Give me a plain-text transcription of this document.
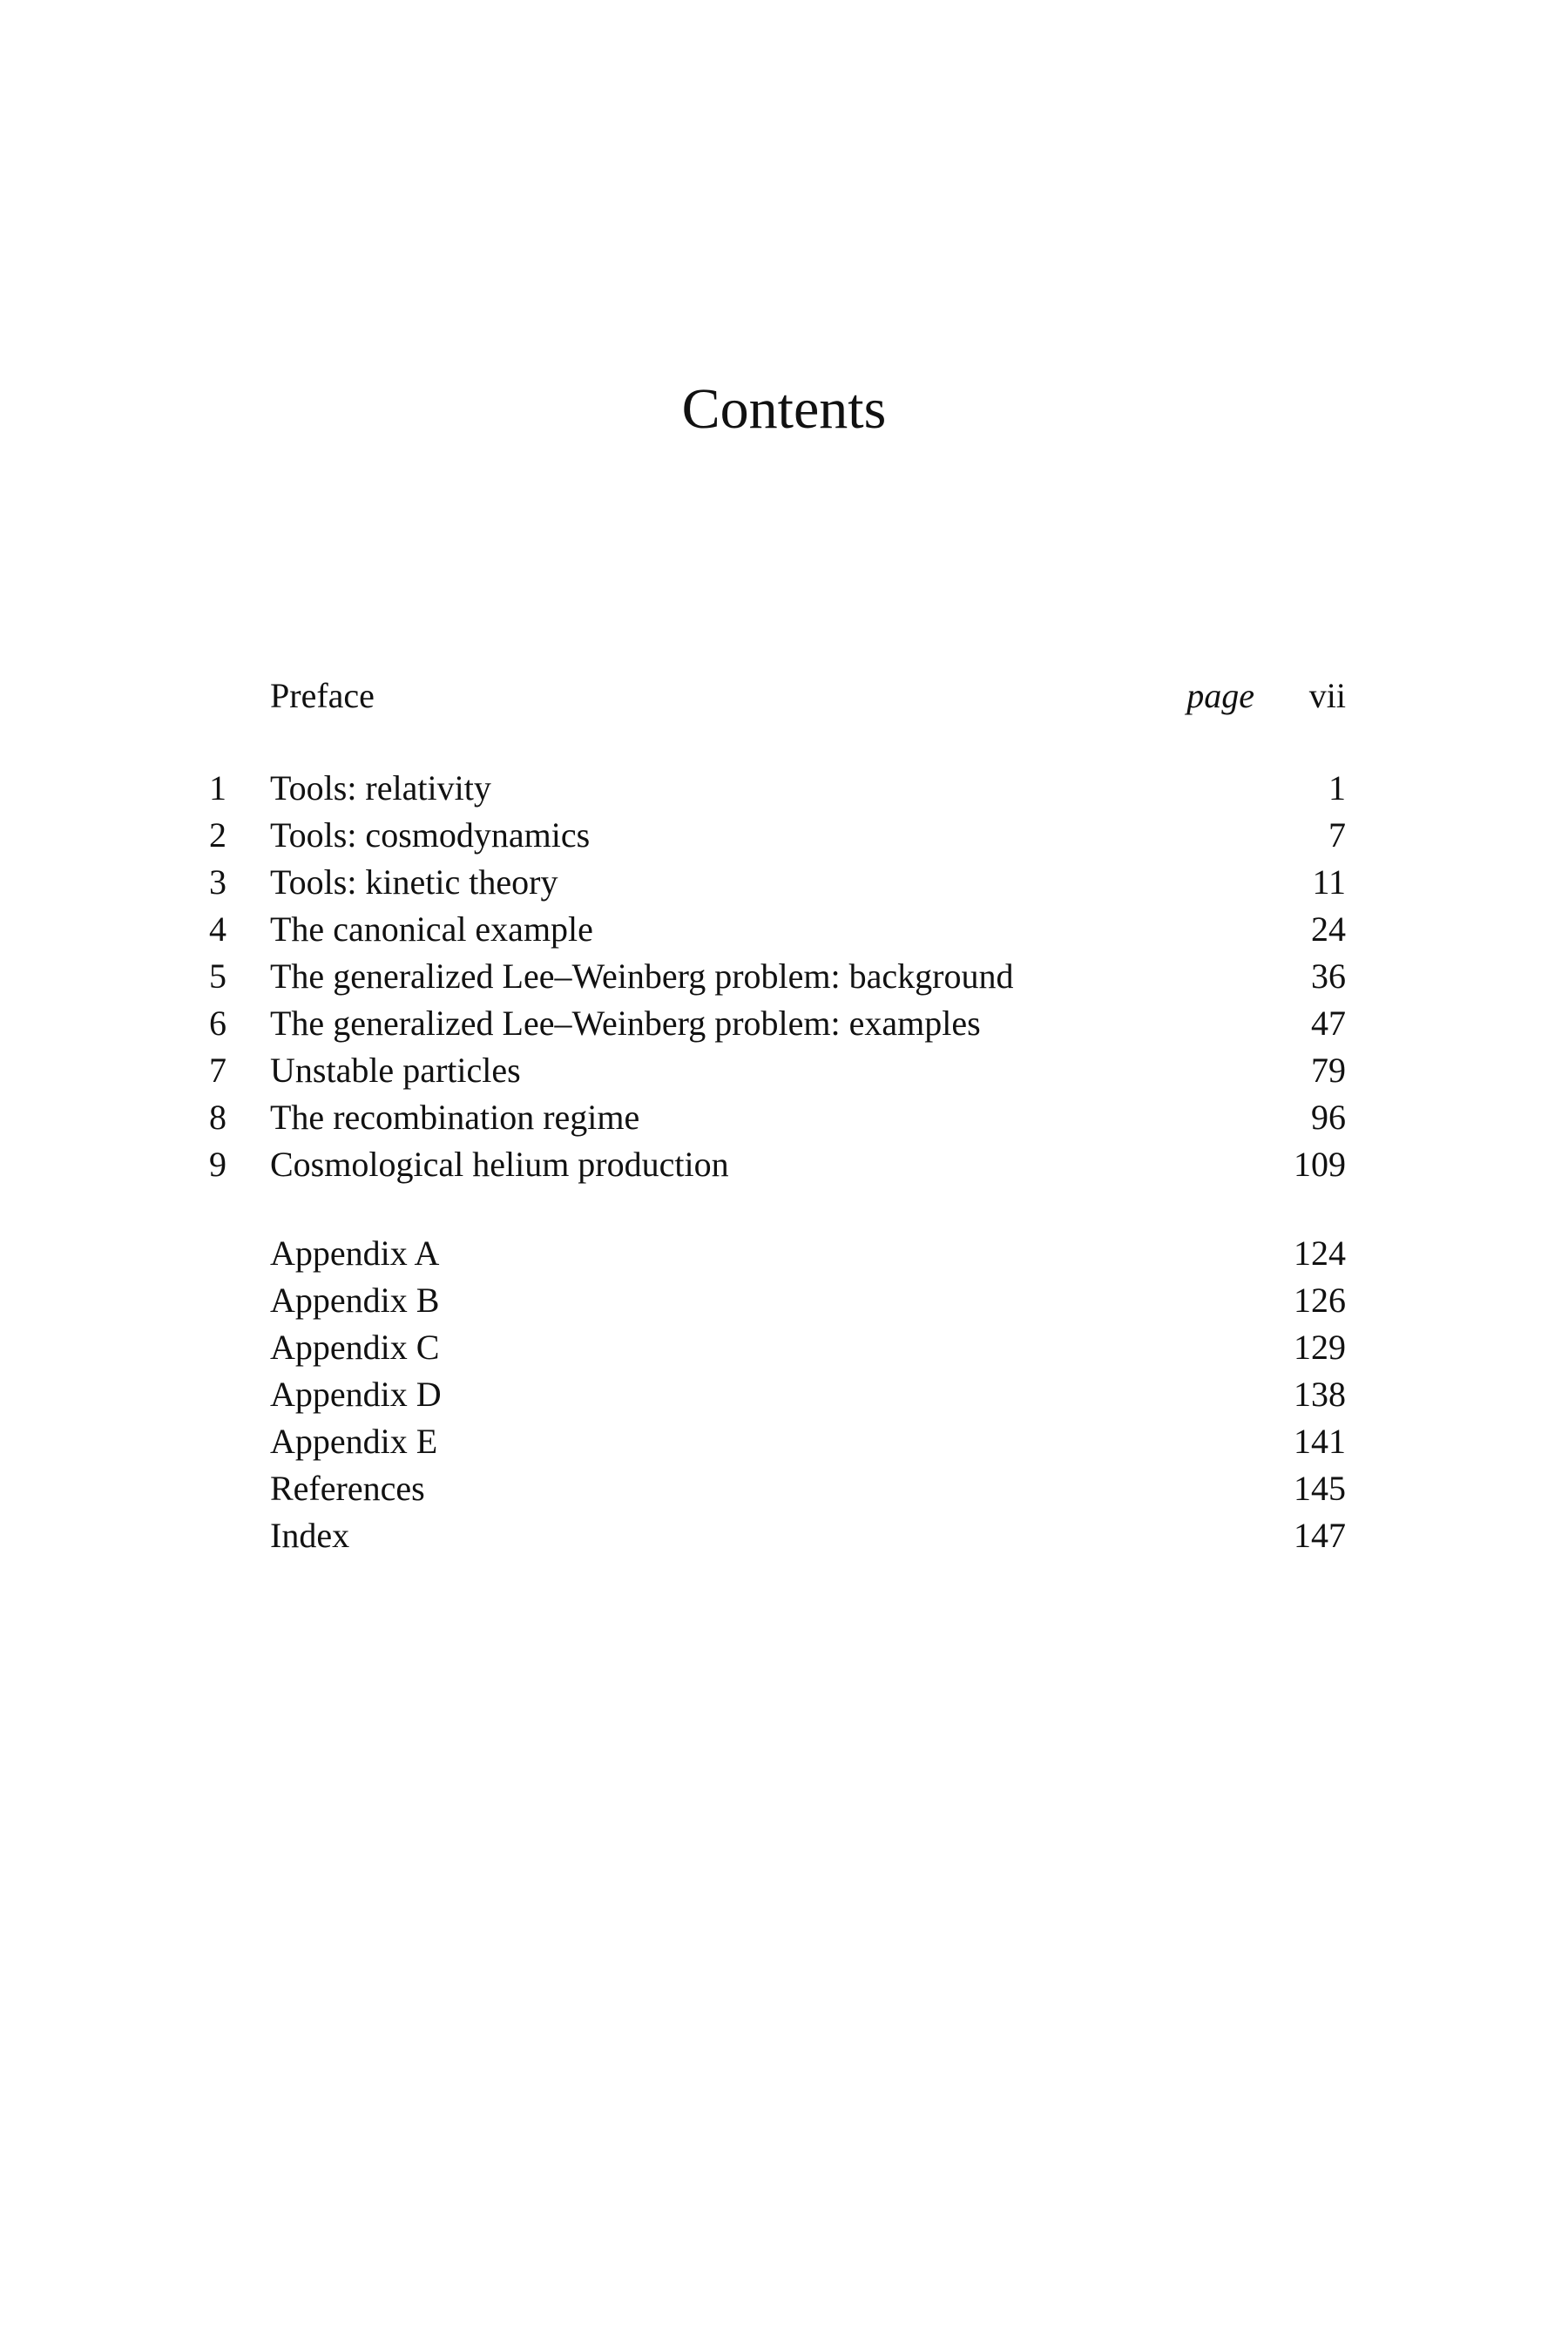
Contents
Preface	page vii
1 Tools: relativity	1
2 Tools: cosmodynamics	7
3 Tools: kinetic theory	11
4 The canonical example	24
5 The generalized Lee–Weinberg problem: background	36
6 The generalized Lee–Weinberg problem: examples	47
7 Unstable particles	79
8 The recombination regime	96
9 Cosmological helium production	109
Appendix A	124
Appendix B	126
Appendix C	129
Appendix D	138
Appendix E	141
References	145
Index	147
